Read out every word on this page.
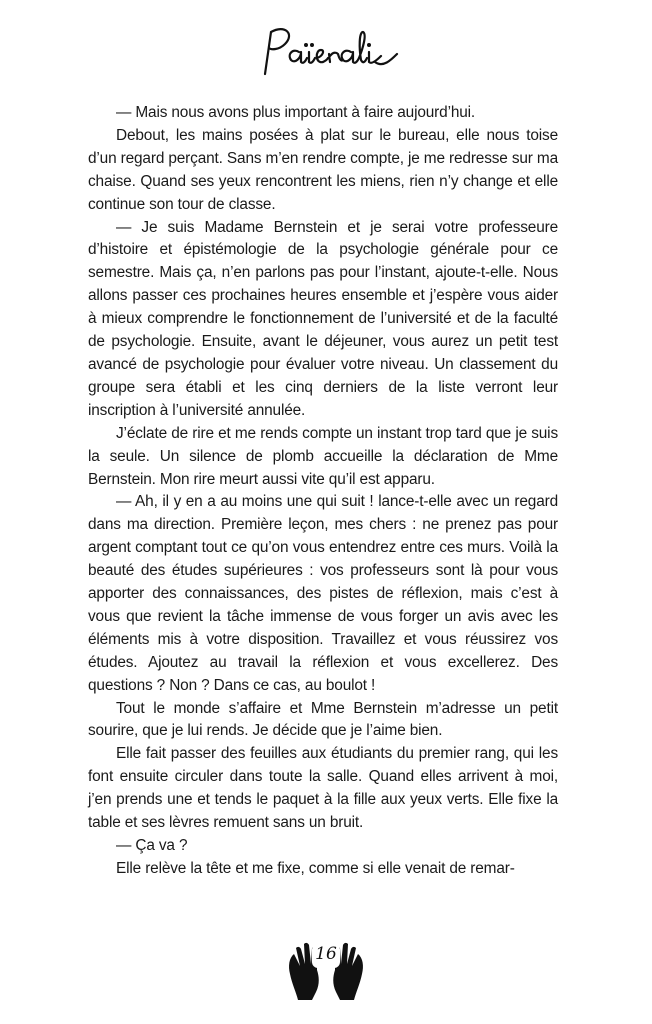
— Mais nous avons plus important à faire aujourd’hui.

Debout, les mains posées à plat sur le bureau, elle nous toise d’un regard perçant. Sans m’en rendre compte, je me redresse sur ma chaise. Quand ses yeux rencontrent les miens, rien n’y change et elle continue son tour de classe.

— Je suis Madame Bernstein et je serai votre professeure d’histoire et épistémologie de la psychologie générale pour ce semestre. Mais ça, n’en parlons pas pour l’instant, ajoute-t-elle. Nous allons passer ces prochaines heures ensemble et j’espère vous aider à mieux comprendre le fonctionnement de l’université et de la faculté de psychologie. Ensuite, avant le déjeuner, vous aurez un petit test avancé de psychologie pour évaluer votre niveau. Un classement du groupe sera établi et les cinq derniers de la liste verront leur inscription à l’université annulée.

J’éclate de rire et me rends compte un instant trop tard que je suis la seule. Un silence de plomb accueille la déclaration de Mme Bernstein. Mon rire meurt aussi vite qu’il est apparu.

— Ah, il y en a au moins une qui suit ! lance-t-elle avec un regard dans ma direction. Première leçon, mes chers : ne prenez pas pour argent comptant tout ce qu’on vous entendrez entre ces murs. Voilà la beauté des études supérieures : vos professeurs sont là pour vous apporter des connaissances, des pistes de réflexion, mais c’est à vous que revient la tâche immense de vous forger un avis avec les éléments mis à votre disposition. Travaillez et vous réussirez vos études. Ajoutez au travail la réflexion et vous excellerez. Des questions ? Non ? Dans ce cas, au boulot !

Tout le monde s’affaire et Mme Bernstein m’adresse un petit sourire, que je lui rends. Je décide que je l’aime bien.

Elle fait passer des feuilles aux étudiants du premier rang, qui les font ensuite circuler dans toute la salle. Quand elles arrivent à moi, j’en prends une et tends le paquet à la fille aux yeux verts. Elle fixe la table et ses lèvres remuent sans un bruit.

— Ça va ?

Elle relève la tête et me fixe, comme si elle venait de remar-

16
